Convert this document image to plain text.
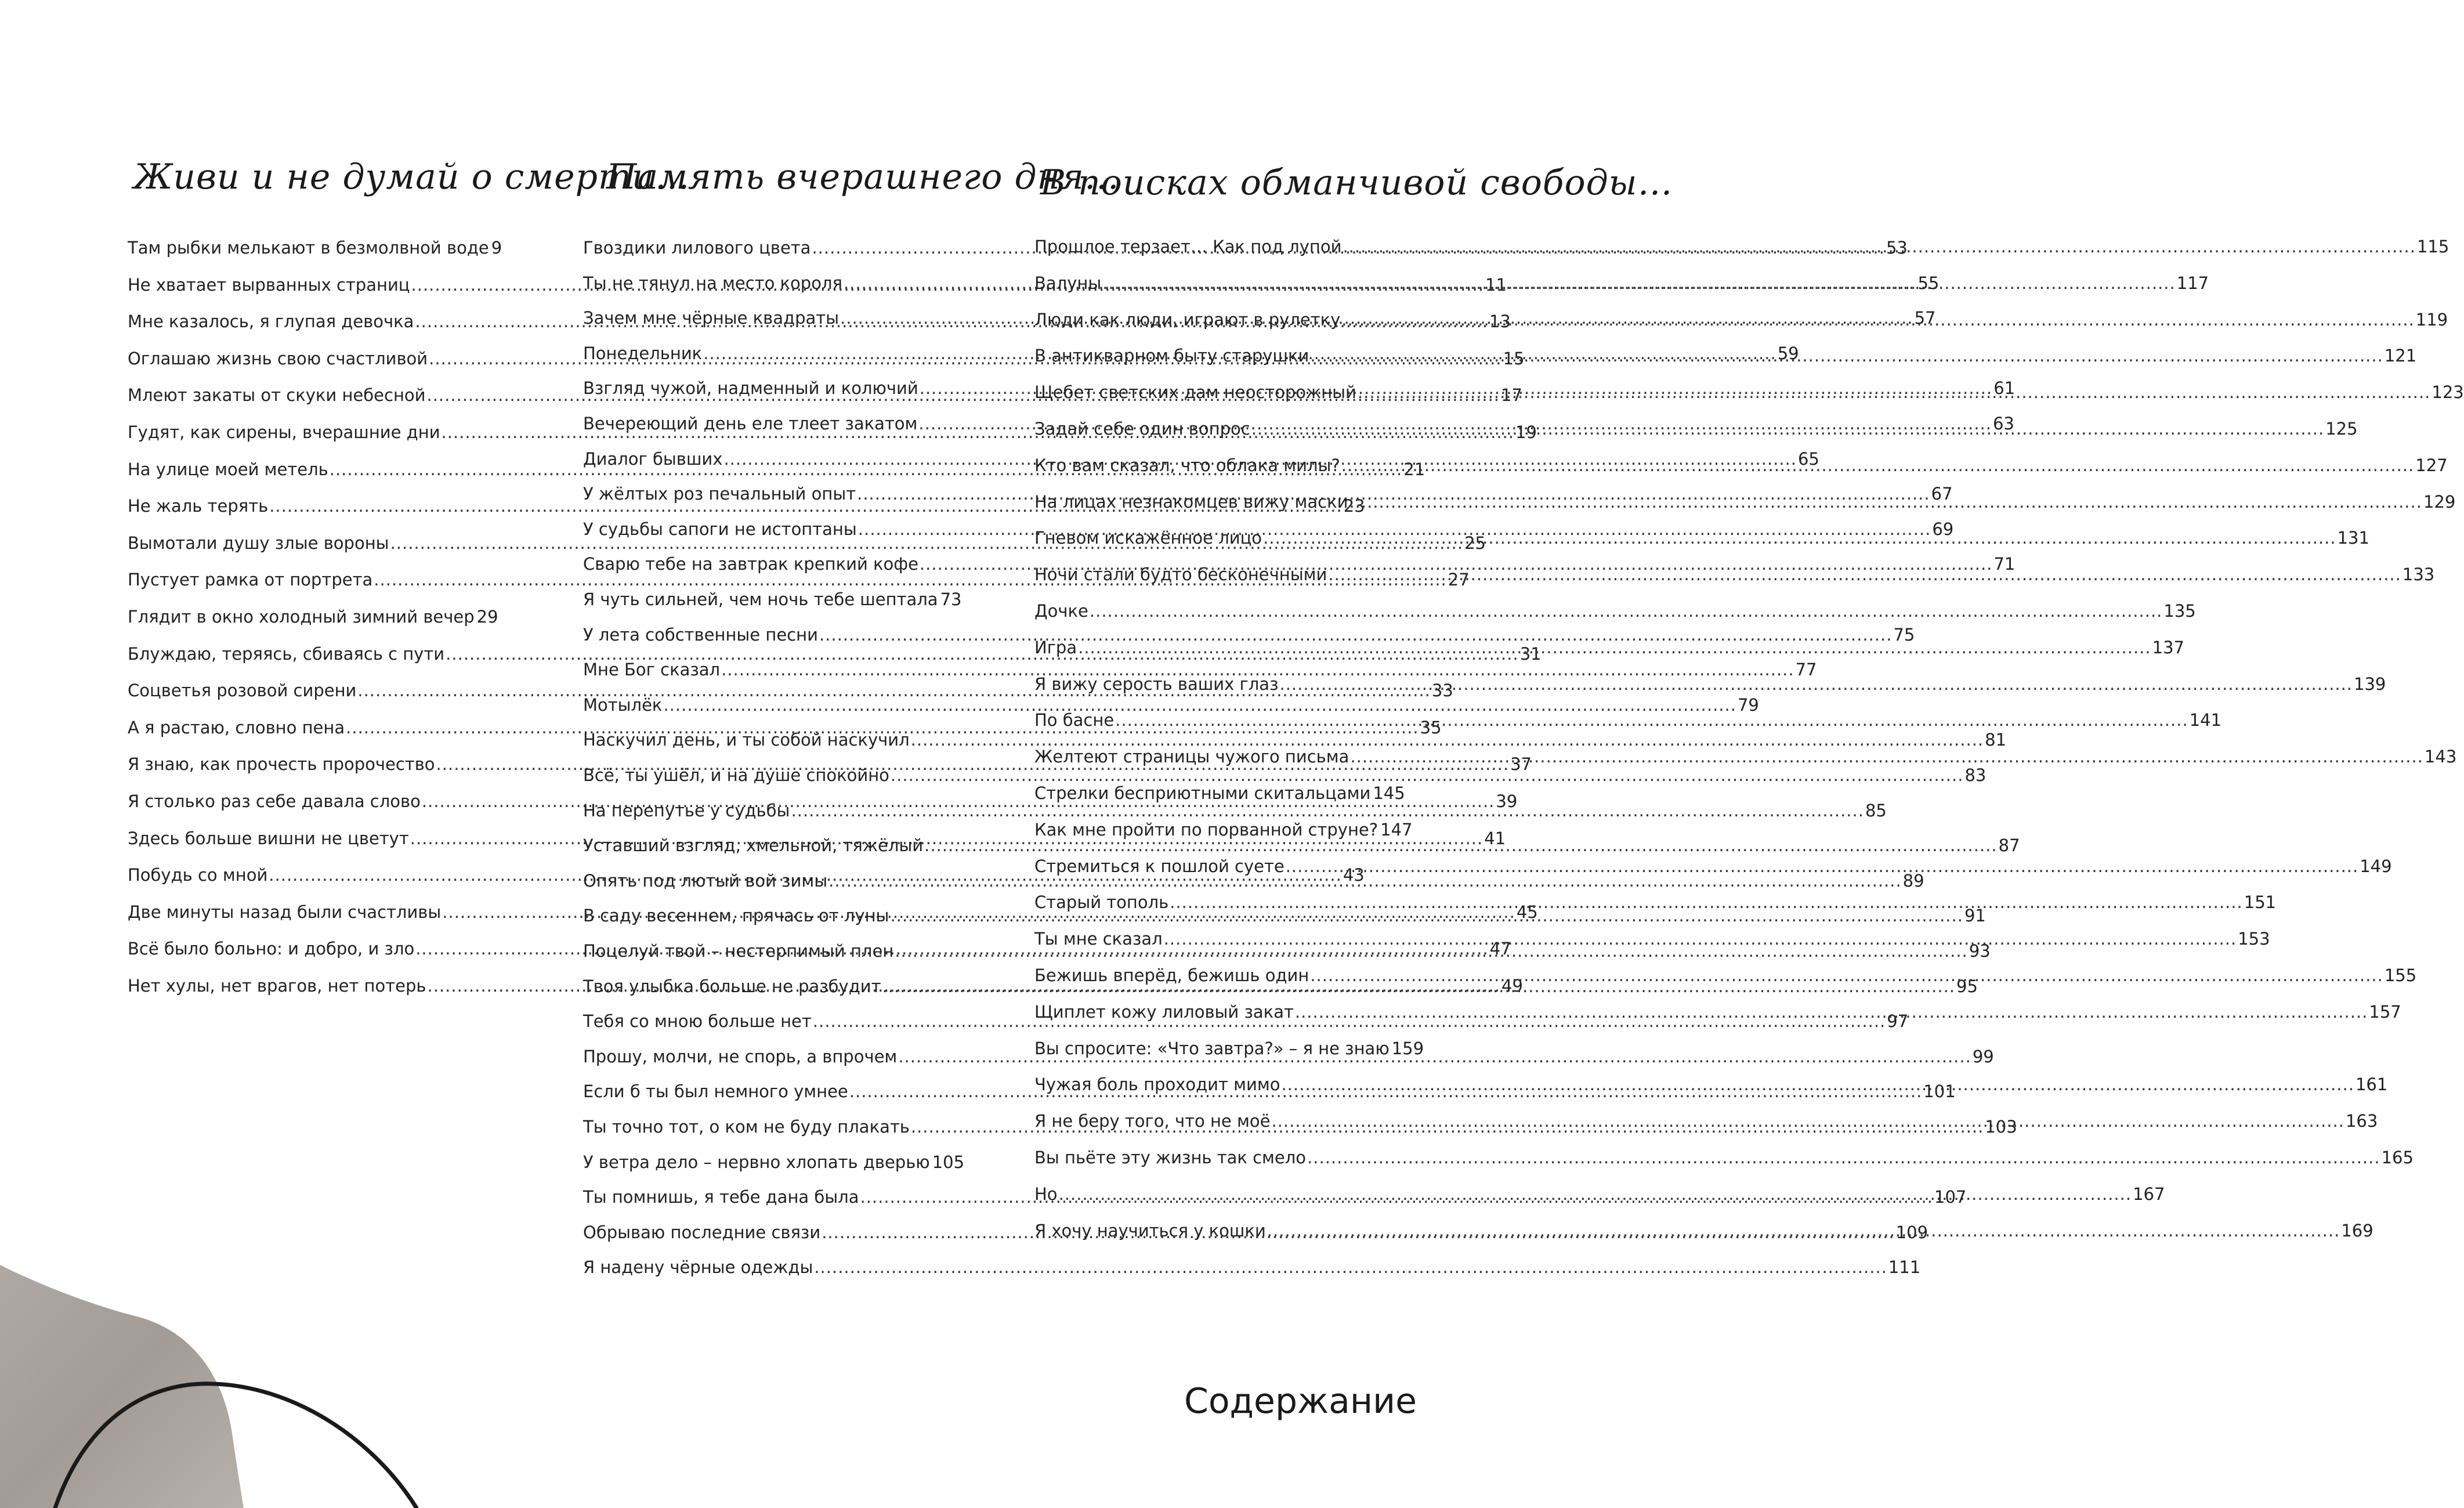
Живи и не думай о смерти…
Там рыбки мелькают в безмолвной воде 9
Не хватает вырванных страниц .....	11
Мне казалось, я глупая девочка .....	13
Оглашаю жизнь свою счастливой .....	15
Млеют закаты от скуки небесной .....	17
Гудят, как сирены, вчерашние дни .....	19
На улице моей метель .....	21
Не жаль терять .....	23
Вымотали душу злые вороны .....	25
Пустует рамка от портрета .....	27
Глядит в окно холодный зимний вечер 29
Блуждаю, теряясь, сбиваясь с пути .....	31
Соцветья розовой сирени .....	33
А я растаю, словно пена .....	35
Я знаю, как прочесть пророчество .....	37
Я столько раз себе давала слово .....	39
Здесь больше вишни не цветут .....	41
Побудь со мной .....	43
Две минуты назад были счастливы .....	45
Всё было больно: и добро, и зло .....	47
Нет хулы, нет врагов, нет потерь .....	49
Память вчерашнего дня…
Гвоздики лилового цвета .....	53
Ты не тянул на место короля .....	55
Зачем мне чёрные квадраты .....	57
Понедельник .....	59
Взгляд чужой, надменный и колючий .....	61
Вечереющий день еле тлеет закатом .....	63
Диалог бывших .....	65
У жёлтых роз печальный опыт .....	67
У судьбы сапоги не истоптаны .....	69
Сварю тебе на завтрак крепкий кофе .....	71
Я чуть сильней, чем ночь тебе шептала 73
У лета собственные песни .....	75
Мне Бог сказал .....	77
Мотылёк .....	79
Наскучил день, и ты собой наскучил .....	81
Всё, ты ушёл, и на душе спокойно .....	83
На перепутье у судьбы .....	85
Уставший взгляд, хмельной, тяжёлый .....	87
Опять под лютый вой зимы .....	89
В саду весеннем, прячась от луны .....	91
Поцелуй твой – нестерпимый плен .....	93
Твоя улыбка больше не разбудит .....	95
Тебя со мною больше нет .....	97
Прошу, молчи, не спорь, а впрочем .....	99
Если б ты был немного умнее .....	101
Ты точно тот, о ком не буду плакать .....	103
У ветра дело – нервно хлопать дверью 105
Ты помнишь, я тебе дана была .....	107
Обрываю последние связи .....	109
Я надену чёрные одежды .....	111
В поисках обманчивой свободы…
Прошлое терзает… Как под лупой .....	115
Валуны .....	117
Люди как люди, играют в рулетку .....	119
В антикварном быту старушки .....	121
Щебет светских дам неосторожный .....	123
Задай себе один вопрос .....	125
Кто вам сказал, что облака милы? .....	127
На лицах незнакомцев вижу маски .....	129
Гневом искажённое лицо .....	131
Ночи стали будто бесконечными .....	133
Дочке .....	135
Игра .....	137
Я вижу серость ваших глаз .....	139
По басне .....	141
Желтеют страницы чужого письма .....	143
Стрелки бесприютными скитальцами 145
Как мне пройти по порванной струне? 147
Стремиться к пошлой суете .....	149
Старый тополь .....	151
Ты мне сказал .....	153
Бежишь вперёд, бежишь один .....	155
Щиплет кожу лиловый закат .....	157
Вы спросите: «Что завтра?» – я не знаю 159
Чужая боль проходит мимо .....	161
Я не беру того, что не моё .....	163
Вы пьёте эту жизнь так смело .....	165
Но .....	167
Я хочу научиться у кошки .....	169
Содержание
